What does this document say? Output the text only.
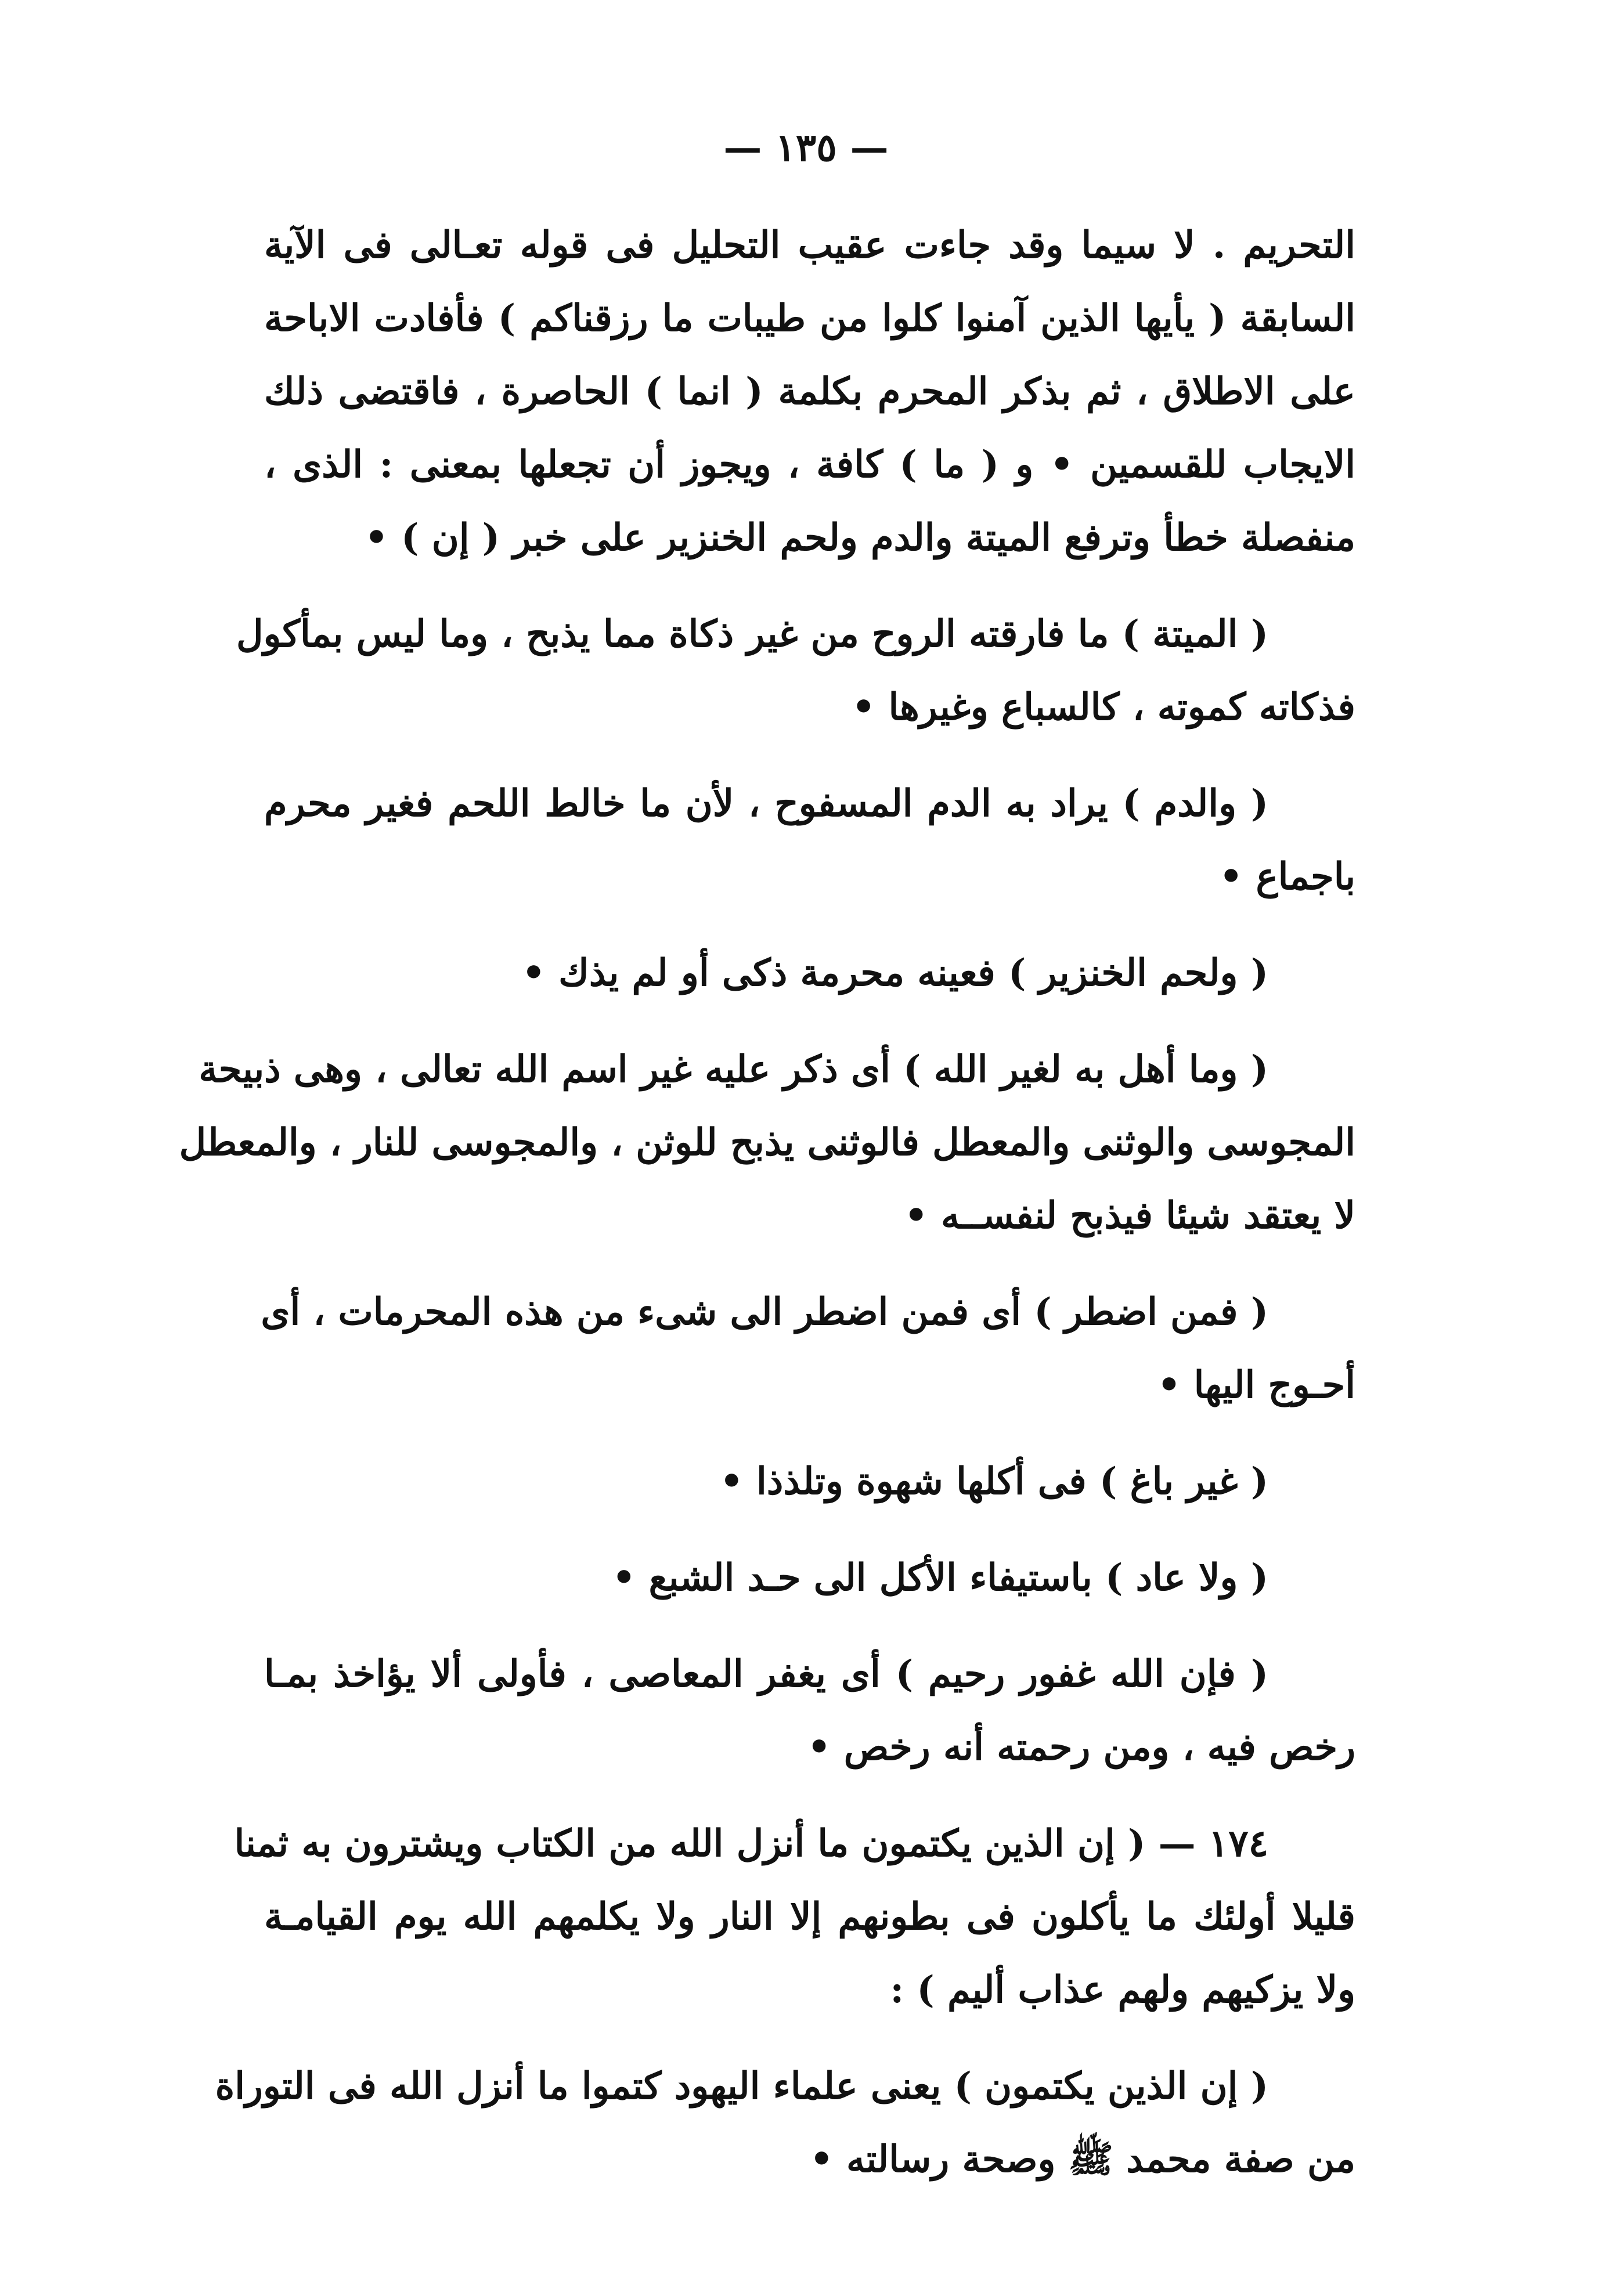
— ١٣٥ —
التحريم . لا سيما وقد جاءت عقيب التحليل فى قوله تعـالى فى الآية
السابقة ( يأيها الذين آمنوا كلوا من طيبات ما رزقناكم ) فأفادت الاباحة
على الاطلاق ، ثم بذكر المحرم بكلمة ( انما ) الحاصرة ، فاقتضى ذلك
الايجاب للقسمين • و ( ما ) كافة ، ويجوز أن تجعلها بمعنى : الذى ،
منفصلة خطأ وترفع الميتة والدم ولحم الخنزير على خبر ( إن ) •
( الميتة ) ما فارقته الروح من غير ذكاة مما يذبح ، وما ليس بمأكول
فذكاته كموته ، كالسباع وغيرها •
( والدم ) يراد به الدم المسفوح ، لأن ما خالط اللحم فغير محرم
باجماع •
( ولحم الخنزير ) فعينه محرمة ذكى أو لم يذك •
( وما أهل به لغير الله ) أى ذكر عليه غير اسم الله تعالى ، وهى ذبيحة
المجوسى والوثنى والمعطل فالوثنى يذبح للوثن ، والمجوسى للنار ، والمعطل
لا يعتقد شيئا فيذبح لنفســه •
( فمن اضطر ) أى فمن اضطر الى شىء من هذه المحرمات ، أى
أحـوج اليها •
( غير باغ ) فى أكلها شهوة وتلذذا •
( ولا عاد ) باستيفاء الأكل الى حـد الشبع •
( فإن الله غفور رحيم ) أى يغفر المعاصى ، فأولى ألا يؤاخذ بمـا
رخص فيه ، ومن رحمته أنه رخص •
١٧٤ — ( إن الذين يكتمون ما أنزل الله من الكتاب ويشترون به ثمنا
قليلا أولئك ما يأكلون فى بطونهم إلا النار ولا يكلمهم الله يوم القيامـة
ولا يزكيهم ولهم عذاب أليم ) :
( إن الذين يكتمون ) يعنى علماء اليهود كتموا ما أنزل الله فى التوراة
من صفة محمد ﷺ وصحة رسالته •
